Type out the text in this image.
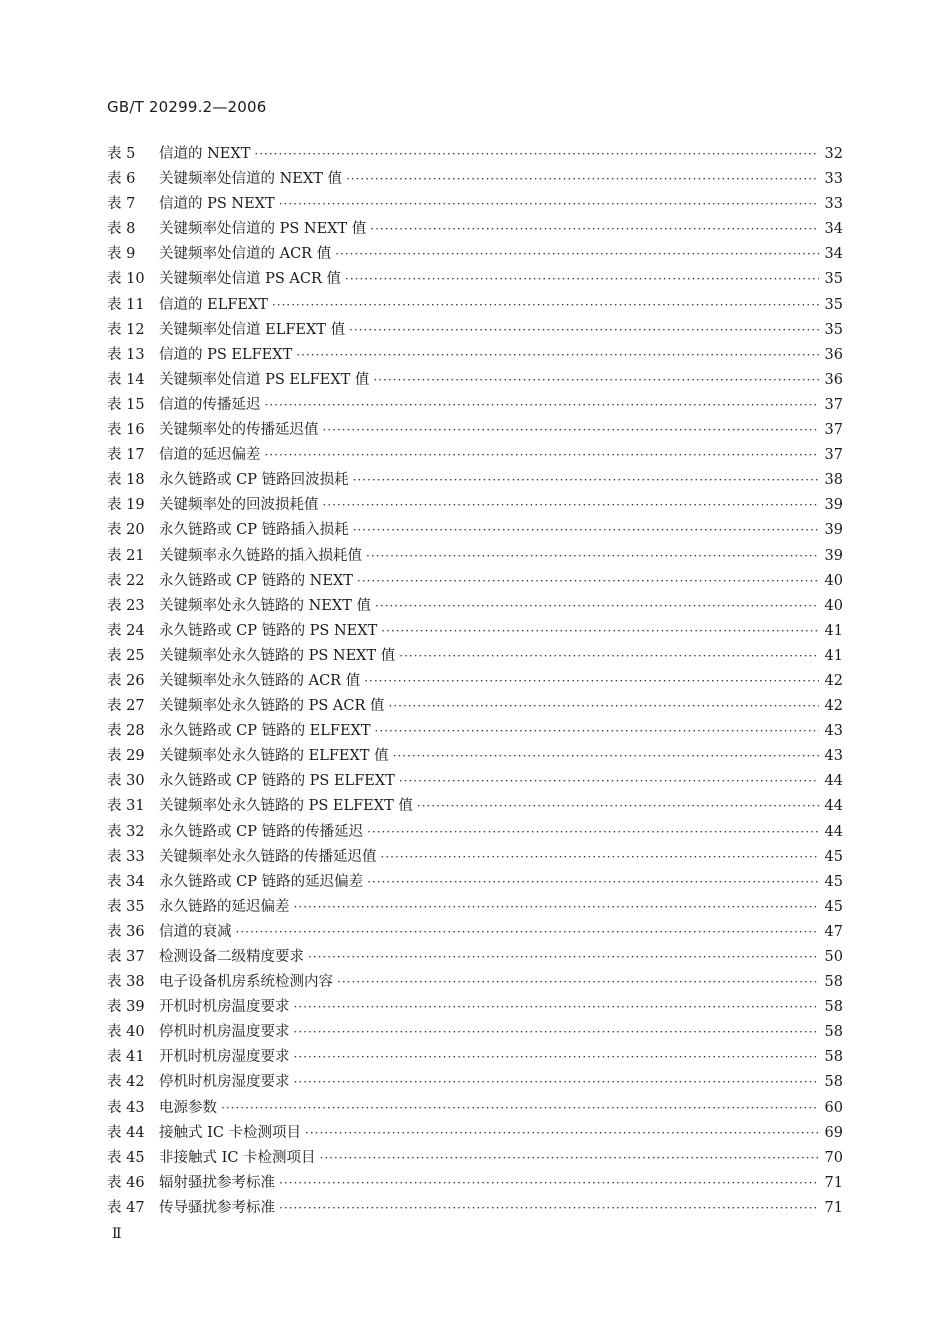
GB/T 20299.2—2006
表 5	信道的 NEXT ·····	32
表 6	关键频率处信道的 NEXT 值 ·····	33
表 7	信道的 PS NEXT ·····	33
表 8	关键频率处信道的 PS NEXT 值 ·····	34
表 9	关键频率处信道的 ACR 值 ·····	34
表 10 关键频率处信道 PS ACR 值 ·····	35
表 11 信道的 ELFEXT ·····	35
表 12 关键频率处信道 ELFEXT 值 ·····	35
表 13 信道的 PS ELFEXT ·····	36
表 14 关键频率处信道 PS ELFEXT 值 ·····	36
表 15 信道的传播延迟 ·····	37
表 16 关键频率处的传播延迟值 ·····	37
表 17 信道的延迟偏差 ·····	37
表 18 永久链路或 CP 链路回波损耗 ·····	38
表 19 关键频率处的回波损耗值 ·····	39
表 20 永久链路或 CP 链路插入损耗 ·····	39
表 21 关键频率永久链路的插入损耗值 ·····	39
表 22 永久链路或 CP 链路的 NEXT ·····	40
表 23 关键频率处永久链路的 NEXT 值 ·····	40
表 24 永久链路或 CP 链路的 PS NEXT ·····	41
表 25 关键频率处永久链路的 PS NEXT 值 ·····	41
表 26 关键频率处永久链路的 ACR 值 ·····	42
表 27 关键频率处永久链路的 PS ACR 值 ·····	42
表 28 永久链路或 CP 链路的 ELFEXT ·····	43
表 29 关键频率处永久链路的 ELFEXT 值 ·····	43
表 30 永久链路或 CP 链路的 PS ELFEXT ·····	44
表 31 关键频率处永久链路的 PS ELFEXT 值 ·····	44
表 32 永久链路或 CP 链路的传播延迟 ·····	44
表 33 关键频率处永久链路的传播延迟值 ·····	45
表 34 永久链路或 CP 链路的延迟偏差 ·····	45
表 35 永久链路的延迟偏差 ·····	45
表 36 信道的衰减 ·····	47
表 37 检测设备二级精度要求 ·····	50
表 38 电子设备机房系统检测内容 ·····	58
表 39 开机时机房温度要求 ·····	58
表 40 停机时机房温度要求 ·····	58
表 41 开机时机房湿度要求 ·····	58
表 42 停机时机房湿度要求 ·····	58
表 43 电源参数 ·····	60
表 44 接触式 IC 卡检测项目 ·····	69
表 45 非接触式 IC 卡检测项目 ·····	70
表 46 辐射骚扰参考标准 ·····	71
表 47 传导骚扰参考标准 ·····	71
Ⅱ
